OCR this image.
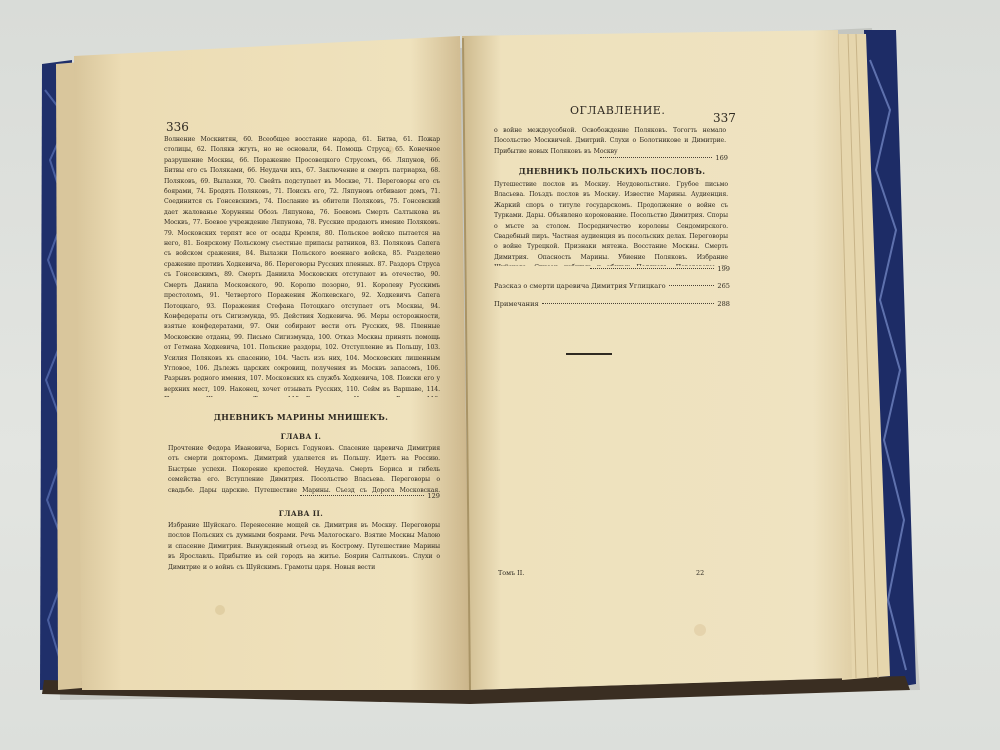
336
Волнение Москвитян, 60. Всеобщее восстание народа, 61. Битва, 61. Пожар столицы, 62. Полякв жгуть, но не основали, 64. Помощь Струса, 65. Конечное разрушение Москвы, 66. Поражение Просовецкого Струсомъ, 66. Ляпунов, 66. Битвы его съ Поляками, 66. Неудачи ихъ, 67. Заключение и смерть патриарха, 68. Поляковъ, 69. Вылазки, 70. Свейть подступает въ Москве, 71. Переговоры его съ боярами, 74. Бродять Поляковъ, 71. Поискъ его, 72. Ляпуновъ отбивают домъ, 71. Соединится съ Гонсевскимъ, 74. Послание въ обители Поляковъ, 75. Гонсевский дает жалованье Хоруняны Обозъ Ляпунова, 76. Боевомъ Смерть Салтыкова въ Москвъ, 77. Боевое учреждение Ляпунова, 78. Русские продаютъ имение Поляковъ. 79. Московских терпят все от осады Кремля, 80. Польское войско пытается на него, 81. Боярскому Польскому съестные припасы ратников, 83. Поляковъ Сапега съ войском сражения, 84. Вылазки Польского военнаго войска, 85. Разделено сражение противъ Ходкевича, 86. Переговоры Русских пленных. 87. Раздоръ Струса съ Гонсевскимъ, 89. Смерть Даниила Московских отступают въ отечество, 90. Смерть Данила Московского, 90. Королю позорно, 91. Королеву Русскимъ престоломъ, 91. Четвертого Поражения Жолкевскаго, 92. Ходкевичъ Сапега Потоцкаго, 93. Поражения Стефана Потоцкаго отступает отъ Москвы, 94. Конфедераты отъ Сигизмунда, 95. Действия Ходкевича. 96. Меры осторожности, взятые конфедератами, 97. Они собирают вести отъ Русских, 98. Пленные Московские отданы, 99. Письмо Сигизмунда, 100. Отказ Москвы принять помощь от Гетмана Ходкевича, 101. Польские раздоры, 102. Отступление въ Польшу, 103. Усилия Поляковъ къ спасению, 104. Часть изъ них, 104. Московских лишенным Угловое, 106. Дълежъ царских сокровищ, получения въ Москвъ запасомъ, 106. Разрывъ родного имения, 107. Московских къ службъ Ходкевича, 108. Поиски его у верхних мест, 109. Наконец, хочет отзывать Русских, 110. Сейм въ Варшаве, 114.
ДНЕВНИКЪ МАРИНЫ МНИШЕКЪ.
ГЛАВА I.
Прочтение Федора Ивановича, Борисъ Годуновъ. Спасение царевича Димитрия отъ смерти докторомъ. Димитрий удаляется въ Польшу. Идетъ на Россию. Быстрые успехи. Покорение крепостей. Неудача. Смерть Бориса и гибель семейства его. Вступление Димитрия. Посольство Власьева. Переговоры о свадьбе. Дары царские. Путешествие Марины. Съезд съ Дорога Московская.
129
ГЛАВА II.
Избрание Шуйскаго. Перенесение мощей св. Димитрия въ Москву. Переговоры послов Польских съ думными боярами. Речь Малогоскаго. Взятие Москвы Малою и спасение Димитрия. Вынужденный отъезд въ Кострому. Путешествие Марины въ Ярославль. Прибытие въ сей городъ на житье. Боярин Салтыковъ. Слухи о Димитрие и о войнъ съ Шуйскимъ. Грамоты царя. Новыя вести
ОГЛАВЛЕНИЕ.
337
о войне междоусобной. Освобождение Поляковъ. Тогогть немало Посольство Москвичей. Дмитрий. Слухи о Болотникове и Димитрие. Прибытие новых Поляковъ въ Москву
169
ДНЕВНИКЪ ПОЛЬСКИХЪ ПОСЛОВЪ.
Путешествие послов въ Москву. Неудовольствие. Грубое письмо Власьева. Поъздъ послов въ Москву. Известие Марины. Аудиенция. Жаркий споръ о титуле государскомъ. Продолжение о войне съ Турками. Дары. Объявлено коронование. Посольство Димитрия. Споры о мъсте за столом. Посредничество королевы Сендомирского. Свадебный пиръ. Частная аудиенция въ посольских делах. Переговоры о войне Турецкой. Признаки мятежа. Восстание Москвы. Смерть Димитрия. Опасность Марины. Убиение Поляковъ. Избрание
199
Разсказ о смерти царевича Димитрия Углицкаго	265
Примечания	288
Томъ II.	22
